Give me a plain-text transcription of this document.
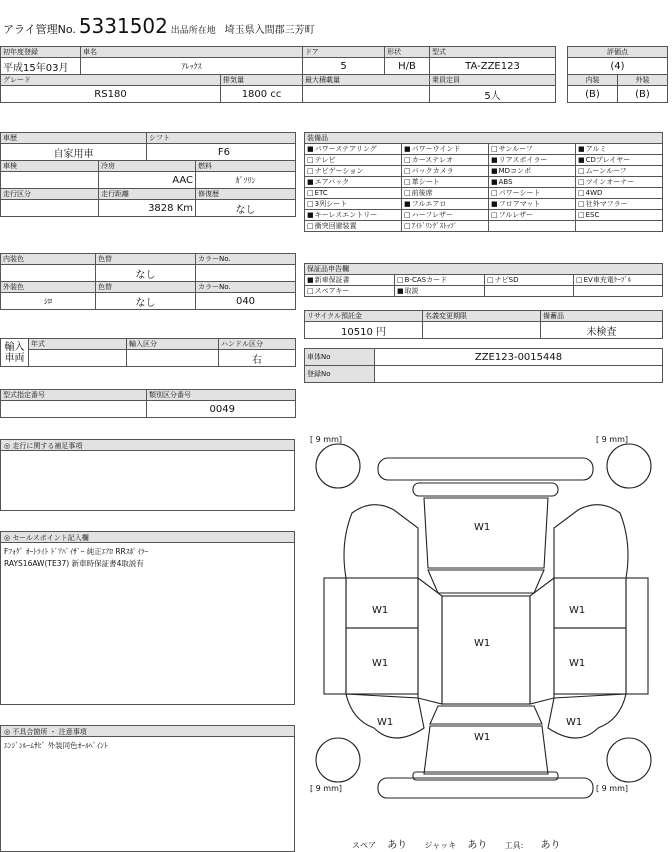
アライ管理No. 5331502 出品所在地 埼玉県入間郡三芳町
初年度登録	車名		ドア	形状	型式
平成15年03月	ｱﾚｯｸｽ		5	H/B	TA-ZZE123
グレード		排気量	最大積載量		乗員定員
RS180		1800 cc			5人
評価点	
(4)	
内装	外装
(B)	(B)
車歴		シフト	
自家用車		F6	
車検	冷房		燃料
	AAC		ｶﾞｿﾘﾝ
走行区分	走行距離		修復歴
	3828 Km		なし
内装色	色替	カラーNo.
	なし	
外装色	色替	カラーNo.
ｼﾛ	なし	040
輸入
車両	年式	輸入区分	ハンドル区分
			右
型式指定番号	類別区分番号
	0049
装備品			
■パワーステアリング	■パワーウインド	□サンルーフ	■アルミ
□テレビ	□カーステレオ	■リアスポイラー	■CDプレイヤー
□ナビゲーション	□バックカメラ	■MDコンポ	□ムーンルーフ
■エアバック	□革シート	■ABS	□ツインオーナー
□ETC	□前後席	□パワーシート	□4WD
□3列シート	■フルエアロ	■フロアマット	□社外マフラー
■キーレスエントリー	□ハーフレザー	□フルレザー	□ESC
□衝突回避装置	□ｱｲﾄﾞﾘﾝｸﾞｽﾄｯﾌﾟ		
保証品申告欄			
■新車保証書	□B-CASカード	□ナビSD	□EV車充電ｹｰﾌﾞﾙ
□スペアキー	■取説		
リサイクル預託金	名義変更期限	備蓄品
10510 円		未検査
車体No	ZZE123-0015448
登録No	
◎ 走行に関する補足事項
◎ セールスポイント記入欄
Fﾌｫｸﾞ ｵｰﾄﾗｲﾄ ﾄﾞｱﾊﾞｲｻﾞｰ 純正ｴｱﾛ RRｽﾎﾟｲﾗｰ
RAYS16AW(TE37) 新車時保証書4取説有
◎ 不具合箇所 ・ 注意事項
ｴﾝｼﾞﾝﾙｰﾑｻﾋﾞ 外装同色ｵｰﾙﾍﾟｲﾝﾄ
W1
W1
W1
W1
W1	W1
W1	W1
W1
[ 9 mm]	[ 9 mm]
[ 9 mm]	[ 9 mm]
スペア あり ジャッキ あり 工具: あり
